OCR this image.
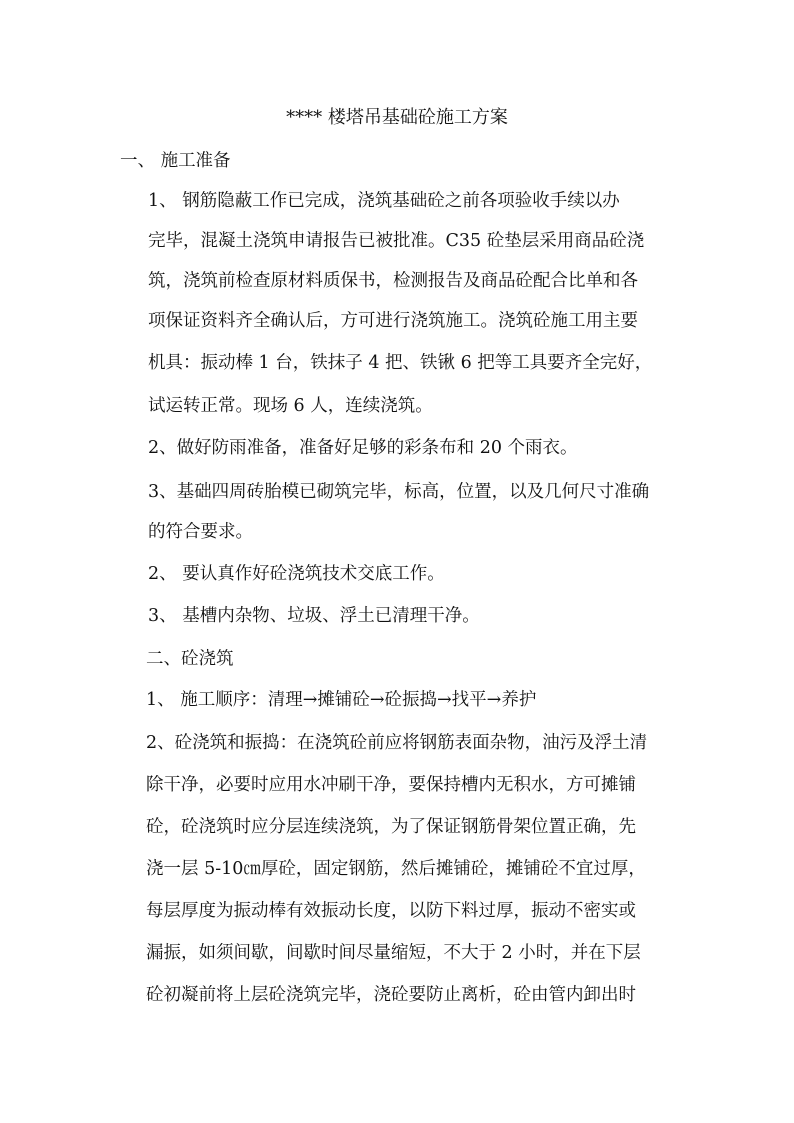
**** 楼塔吊基础砼施工方案
一、 施工准备
1、 钢筋隐蔽工作已完成，浇筑基础砼之前各项验收手续以办
完毕，混凝土浇筑申请报告已被批准。C35 砼垫层采用商品砼浇
筑，浇筑前检查原材料质保书，检测报告及商品砼配合比单和各
项保证资料齐全确认后，方可进行浇筑施工。浇筑砼施工用主要
机具：振动棒 1 台，铁抹子 4 把、铁锹 6 把等工具要齐全完好，
试运转正常。现场 6 人，连续浇筑。
2、做好防雨准备，准备好足够的彩条布和 20 个雨衣。
3、基础四周砖胎模已砌筑完毕，标高，位置，以及几何尺寸准确
的符合要求。
2、 要认真作好砼浇筑技术交底工作。
3、 基槽内杂物、垃圾、浮土已清理干净。
二、砼浇筑
1、 施工顺序：清理→摊铺砼→砼振捣→找平→养护
2、砼浇筑和振捣：在浇筑砼前应将钢筋表面杂物，油污及浮土清
除干净，必要时应用水冲刷干净，要保持槽内无积水，方可摊铺
砼，砼浇筑时应分层连续浇筑，为了保证钢筋骨架位置正确，先
浇一层 5-10㎝厚砼，固定钢筋，然后摊铺砼，摊铺砼不宜过厚，
每层厚度为振动棒有效振动长度，以防下料过厚，振动不密实或
漏振，如须间歇，间歇时间尽量缩短，不大于 2 小时，并在下层
砼初凝前将上层砼浇筑完毕，浇砼要防止离析，砼由管内卸出时
